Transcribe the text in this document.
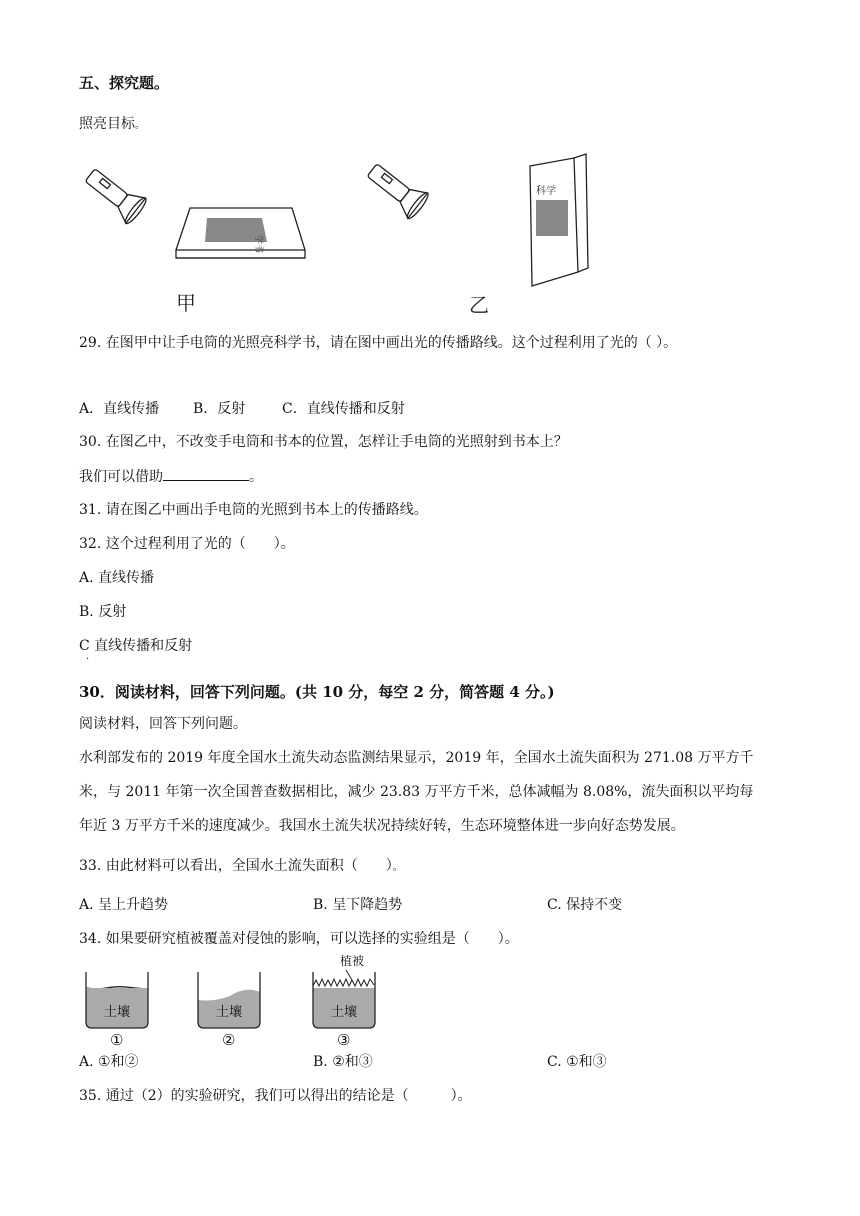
五、探究题。
照亮目标。
学书
科学
甲	乙
29. 在图甲中让手电筒的光照亮科学书，请在图中画出光的传播路线。这个过程利用了光的（ ）。
A．直线传播 B．反射	C．直线传播和反射
30. 在图乙中，不改变手电筒和书本的位置，怎样让手电筒的光照射到书本上？
我们可以借助	。
31. 请在图乙中画出手电筒的光照到书本上的传播路线。
32. 这个过程利用了光的（　　）。
A. 直线传播
B. 反射
C 直线传播和反射
·
30．阅读材料，回答下列问题。(共 10 分，每空 2 分，简答题 4 分。)
阅读材料，回答下列问题。
水利部发布的 2019 年度全国水土流失动态监测结果显示，2019 年，全国水土流失面积为 271.08 万平方千
米，与 2011 年第一次全国普查数据相比，减少 23.83 万平方千米，总体减幅为 8.08%，流失面积以平均每
年近 3 万平方千米的速度减少。我国水土流失状况持续好转，生态环境整体进一步向好态势发展。
33. 由此材料可以看出，全国水土流失面积（　　）。
A. 呈上升趋势	B. 呈下降趋势	C. 保持不变
34. 如果要研究植被覆盖对侵蚀的影响，可以选择的实验组是（　　）。
土壤	土壤	土壤
植被
①	②	③
A. ①和②	B. ②和③	C. ①和③
35. 通过（2）的实验研究，我们可以得出的结论是（　　　）。
